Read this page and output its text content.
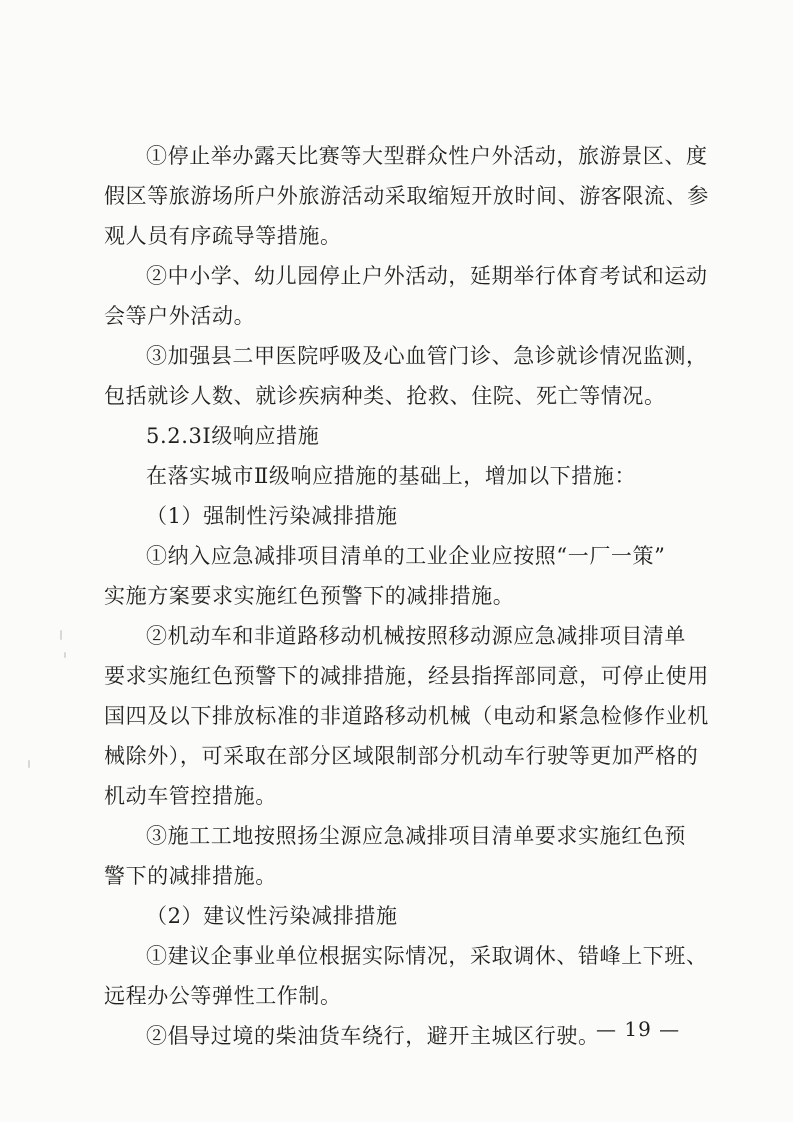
①停止举办露天比赛等大型群众性户外活动，旅游景区、度
假区等旅游场所户外旅游活动采取缩短开放时间、游客限流、参
观人员有序疏导等措施。
②中小学、幼儿园停止户外活动，延期举行体育考试和运动
会等户外活动。
③加强县二甲医院呼吸及心血管门诊、急诊就诊情况监测，
包括就诊人数、就诊疾病种类、抢救、住院、死亡等情况。
5.2.3Ⅰ级响应措施
在落实城市Ⅱ级响应措施的基础上，增加以下措施：
（1）强制性污染减排措施
①纳入应急减排项目清单的工业企业应按照“一厂一策”
实施方案要求实施红色预警下的减排措施。
②机动车和非道路移动机械按照移动源应急减排项目清单
要求实施红色预警下的减排措施，经县指挥部同意，可停止使用
国四及以下排放标准的非道路移动机械（电动和紧急检修作业机
械除外），可采取在部分区域限制部分机动车行驶等更加严格的
机动车管控措施。
③施工工地按照扬尘源应急减排项目清单要求实施红色预
警下的减排措施。
（2）建议性污染减排措施
①建议企事业单位根据实际情况，采取调休、错峰上下班、
远程办公等弹性工作制。
②倡导过境的柴油货车绕行，避开主城区行驶。
— 19 —
